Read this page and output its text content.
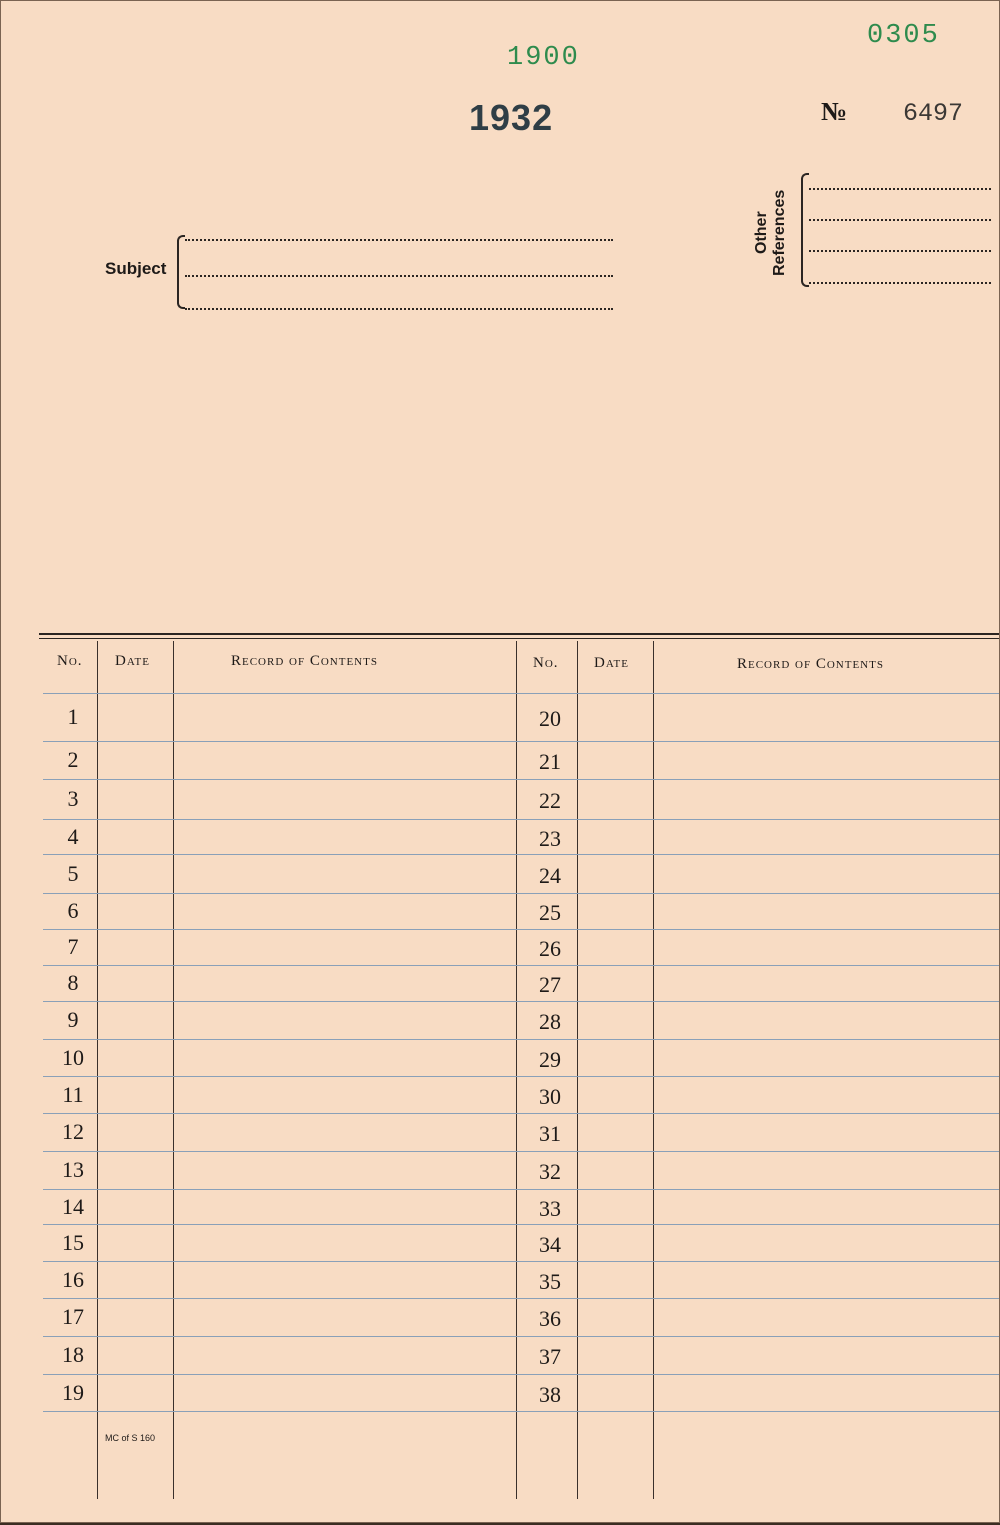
0305
1900
1932	№ 6497
Subject
Other References
No. Date	Record of Contents	No. Date	Record of Contents
MC of S 160
1	20
2	21
3	22
4	23
5	24
6	25
7	26
8	27
9	28
10	29
11	30
12	31
13	32
14	33
15	34
16	35
17	36
18	37
19	38
